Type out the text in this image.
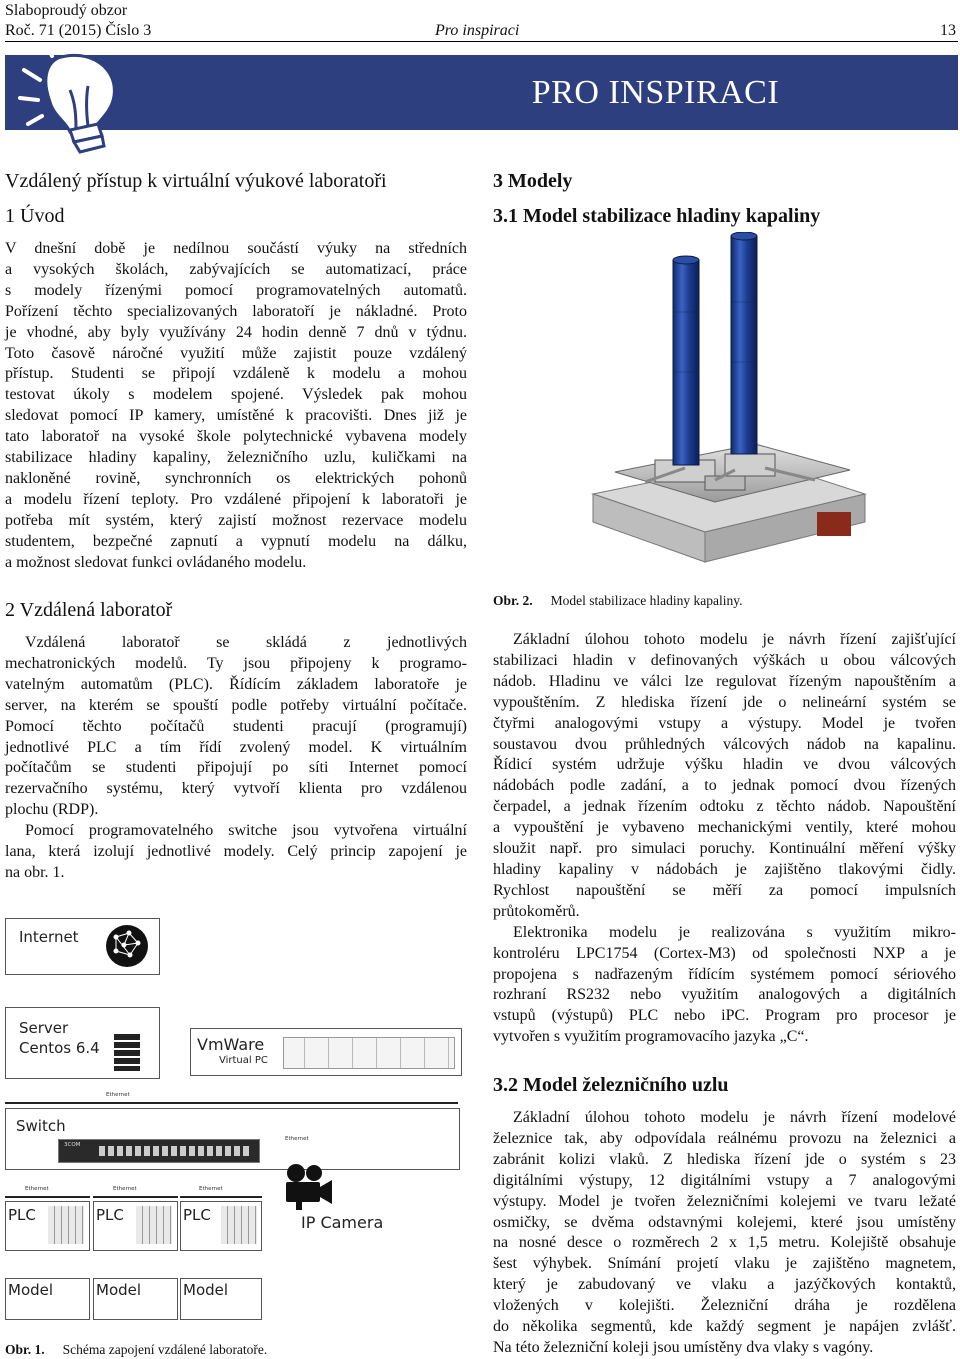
Slaboproudý obzor
Roč. 71 (2015) Číslo 3	Pro inspiraci	13
PRO INSPIRACI
Vzdálený přístup k virtuální výukové laboratoři
1 Úvod
V dnešní době je nedílnou součástí výuky na středních
a vysokých školách, zabývajících se automatizací, práce
s modely řízenými pomocí programovatelných automatů.
Pořízení těchto specializovaných laboratoří je nákladné. Proto
je vhodné, aby byly využívány 24 hodin denně 7 dnů v týdnu.
Toto časově náročné využití může zajistit pouze vzdálený
přístup. Studenti se připojí vzdáleně k modelu a mohou
testovat úkoly s modelem spojené. Výsledek pak mohou
sledovat pomocí IP kamery, umístěné k pracovišti. Dnes již je
tato laboratoř na vysoké škole polytechnické vybavena modely
stabilizace hladiny kapaliny, železničního uzlu, kuličkami na
nakloněné rovině, synchronních os elektrických pohonů
a modelu řízení teploty. Pro vzdálené připojení k laboratoři je
potřeba mít systém, který zajistí možnost rezervace modelu
studentem, bezpečné zapnutí a vypnutí modelu na dálku,
a možnost sledovat funkci ovládaného modelu.
2 Vzdálená laboratoř
Vzdálená laboratoř se skládá z jednotlivých
mechatronických modelů. Ty jsou připojeny k programo-
vatelným automatům (PLC). Řídícím základem laboratoře je
server, na kterém se spouští podle potřeby virtuální počítače.
Pomocí těchto počítačů studenti pracují (programují)
jednotlivé PLC a tím řídí zvolený model. K virtuálním
počítačům se studenti připojují po síti Internet pomocí
rezervačního systému, který vytvoří klienta pro vzdálenou
plochu (RDP).
Pomocí programovatelného switche jsou vytvořena virtuální
lana, která izolují jednotlivé modely. Celý princip zapojení je
na obr. 1.
Internet
Server
Centos 6.4	VmWare
Virtual PC
Ethernet
Switch
3COM
Ethernet
Ethernet	Ethernet	Ethernet
PLC	PLC	PLC
Model	Model	Model
IP Camera
Obr. 1. Schéma zapojení vzdálené laboratoře.
3 Modely
3.1 Model stabilizace hladiny kapaliny
Obr. 2. Model stabilizace hladiny kapaliny.
Základní úlohou tohoto modelu je návrh řízení zajišťující
stabilizaci hladin v definovaných výškách u obou válcových
nádob. Hladinu ve válci lze regulovat řízeným napouštěním a
vypouštěním. Z hlediska řízení jde o nelineární systém se
čtyřmi analogovými vstupy a výstupy. Model je tvořen
soustavou dvou průhledných válcových nádob na kapalinu.
Řídicí systém udržuje výšku hladin ve dvou válcových
nádobách podle zadání, a to jednak pomocí dvou řízených
čerpadel, a jednak řízením odtoku z těchto nádob. Napouštění
a vypouštění je vybaveno mechanickými ventily, které mohou
sloužit např. pro simulaci poruchy. Kontinuální měření výšky
hladiny kapaliny v nádobách je zajištěno tlakovými čidly.
Rychlost napouštění se měří za pomocí impulsních
průtokoměrů.
Elektronika modelu je realizována s využitím mikro-
kontroléru LPC1754 (Cortex-M3) od společnosti NXP a je
propojena s nadřazeným řídícím systémem pomocí sériového
rozhraní RS232 nebo využitím analogových a digitálních
vstupů (výstupů) PLC nebo iPC. Program pro procesor je
vytvořen s využitím programovacího jazyka „C“.
3.2 Model železničního uzlu
Základní úlohou tohoto modelu je návrh řízení modelové
železnice tak, aby odpovídala reálnému provozu na železnici a
zabránit kolizi vlaků. Z hlediska řízení jde o systém s 23
digitálními výstupy, 12 digitálními vstupy a 7 analogovými
výstupy. Model je tvořen železničními kolejemi ve tvaru ležaté
osmičky, se dvěma odstavnými kolejemi, které jsou umístěny
na nosné desce o rozměrech 2 x 1,5 metru. Kolejiště obsahuje
šest výhybek. Snímání projetí vlaku je zajištěno magnetem,
který je zabudovaný ve vlaku a jazýčkových kontaktů,
vložených v kolejišti. Železniční dráha je rozdělena
do několika segmentů, kde každý segment je napájen zvlášť.
Na této železniční koleji jsou umístěny dva vlaky s vagóny.
